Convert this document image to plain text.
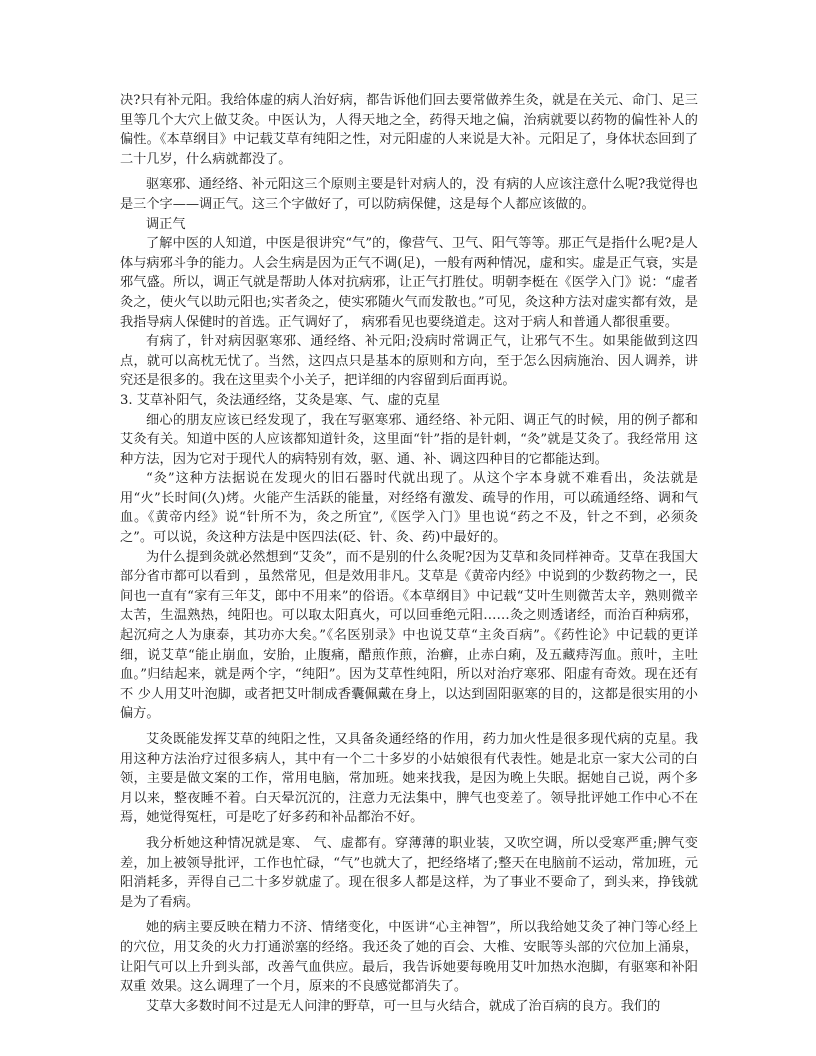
决?只有补元阳。我给体虚的病人治好病，都告诉他们回去要常做养生灸，就是在关元、命门、足三里等几个大穴上做艾灸。中医认为，人得天地之全，药得天地之偏，治病就要以药物的偏性补人的偏性。《本草纲目》中记载艾草有纯阳之性，对元阳虚的人来说是大补。元阳足了，身体状态回到了二十几岁，什么病就都没了。

驱寒邪、通经络、补元阳这三个原则主要是针对病人的，没 有病的人应该注意什么呢?我觉得也是三个字——调正气。这三个字做好了，可以防病保健，这是每个人都应该做的。

调正气

了解中医的人知道，中医是很讲究“气”的，像营气、卫气、阳气等等。那正气是指什么呢?是人体与病邪斗争的能力。人会生病是因为正气不调(足)，一般有两种情况，虚和实。虚是正气衰，实是邪气盛。所以，调正气就是帮助人体对抗病邪，让正气打胜仗。明朝李梃在《医学入门》说：“虚者灸之，使火气以助元阳也;实者灸之，使实邪随火气而发散也。”可见，灸这种方法对虚实都有效，是我指导病人保健时的首选。正气调好了， 病邪看见也要绕道走。这对于病人和普通人都很重要。

有病了，针对病因驱寒邪、通经络、补元阳;没病时常调正气，让邪气不生。如果能做到这四点，就可以高枕无忧了。当然，这四点只是基本的原则和方向，至于怎么因病施治、因人调养，讲究还是很多的。我在这里卖个小关子，把详细的内容留到后面再说。

3. 艾草补阳气，灸法通经络，艾灸是寒、气、虚的克星

细心的朋友应该已经发现了，我在写驱寒邪、通经络、补元阳、调正气的时候，用的例子都和艾灸有关。知道中医的人应该都知道针灸，这里面“针”指的是针刺，“灸”就是艾灸了。我经常用 这种方法，因为它对于现代人的病特别有效，驱、通、补、调这四种目的它都能达到。

“灸”这种方法据说在发现火的旧石器时代就出现了。从这个字本身就不难看出，灸法就是用“火”长时间(久)烤。火能产生活跃的能量，对经络有激发、疏导的作用，可以疏通经络、调和气血。《黄帝内经》说“针所不为，灸之所宜”,《医学入门》里也说“药之不及，针之不到，必须灸之”。可以说，灸这种方法是中医四法(砭、针、灸、药)中最好的。

为什么提到灸就必然想到“艾灸”，而不是别的什么灸呢?因为艾草和灸同样神奇。艾草在我国大部分省市都可以看到 ，虽然常见，但是效用非凡。艾草是《黄帝内经》中说到的少数药物之一，民间也一直有“家有三年艾，郎中不用来”的俗语。《本草纲目》中记载“艾叶生则微苦太辛，熟则微辛太苦，生温熟热，纯阳也。可以取太阳真火，可以回垂绝元阳……灸之则透诸经，而治百种病邪，起沉疴之人为康泰，其功亦大矣。”《名医别录》中也说艾草“主灸百病”。《药性论》中记载的更详细，说艾草“能止崩血，安胎，止腹痛，醋煎作煎，治癣，止赤白痢，及五藏痔泻血。煎叶，主吐血。”归结起来，就是两个字，“纯阳”。因为艾草性纯阳，所以对治疗寒邪、阳虚有奇效。现在还有不 少人用艾叶泡脚，或者把艾叶制成香囊佩戴在身上，以达到固阳驱寒的目的，这都是很实用的小偏方。

艾灸既能发挥艾草的纯阳之性，又具备灸通经络的作用，药力加火性是很多现代病的克星。我用这种方法治疗过很多病人，其中有一个二十多岁的小姑娘很有代表性。她是北京一家大公司的白领，主要是做文案的工作，常用电脑，常加班。她来找我，是因为晚上失眠。据她自己说，两个多月以来，整夜睡不着。白天晕沉沉的，注意力无法集中，脾气也变差了。领导批评她工作中心不在焉，她觉得冤枉，可是吃了好多药和补品都治不好。

我分析她这种情况就是寒、 气、虚都有。穿薄薄的职业装，又吹空调，所以受寒严重;脾气变差，加上被领导批评，工作也忙碌，“气”也就大了，把经络堵了;整天在电脑前不运动，常加班，元阳消耗多，弄得自己二十多岁就虚了。现在很多人都是这样，为了事业不要命了，到头来，挣钱就是为了看病。

她的病主要反映在精力不济、情绪变化，中医讲“心主神智”，所以我给她艾灸了神门等心经上的穴位，用艾灸的火力打通淤塞的经络。我还灸了她的百会、大椎、安眠等头部的穴位加上涌泉，让阳气可以上升到头部，改善气血供应。最后，我告诉她要每晚用艾叶加热水泡脚，有驱寒和补阳双重 效果。这么调理了一个月，原来的不良感觉都消失了。

艾草大多数时间不过是无人问津的野草，可一旦与火结合，就成了治百病的良方。我们的
